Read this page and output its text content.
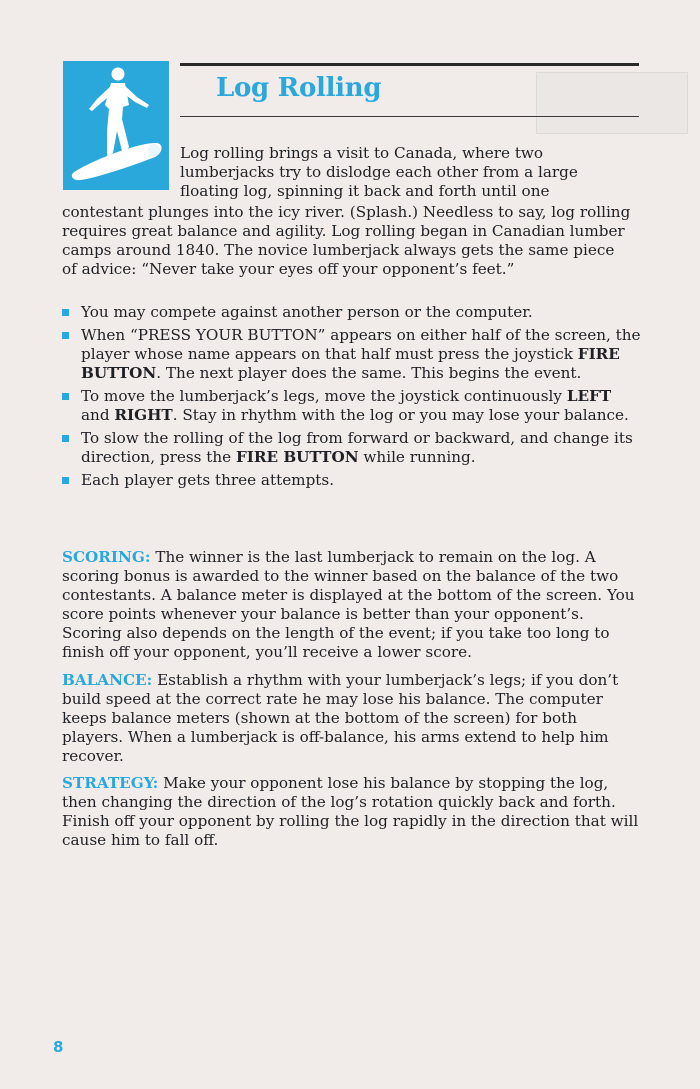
Log Rolling

Log rolling brings a visit to Canada, where two lumberjacks try to dislodge each other from a large floating log, spinning it back and forth until one

contestant plunges into the icy river. (Splash.) Needless to say, log rolling requires great balance and agility. Log rolling began in Canadian lumber camps around 1840. The novice lumberjack always gets the same piece of advice: “Never take your eyes off your opponent’s feet.”

You may compete against another person or the computer.
When “PRESS YOUR BUTTON” appears on either half of the screen, the player whose name appears on that half must press the joystick FIRE BUTTON. The next player does the same. This begins the event.
To move the lumberjack’s legs, move the joystick continuously LEFT and RIGHT. Stay in rhythm with the log or you may lose your balance.
To slow the rolling of the log from forward or backward, and change its direction, press the FIRE BUTTON while running.
Each player gets three attempts.

SCORING: The winner is the last lumberjack to remain on the log. A scoring bonus is awarded to the winner based on the balance of the two contestants. A balance meter is displayed at the bottom of the screen. You score points whenever your balance is better than your opponent’s. Scoring also depends on the length of the event; if you take too long to finish off your opponent, you’ll receive a lower score.

BALANCE: Establish a rhythm with your lumberjack’s legs; if you don’t build speed at the correct rate he may lose his balance. The computer keeps balance meters (shown at the bottom of the screen) for both players. When a lumberjack is off-balance, his arms extend to help him recover.

STRATEGY: Make your opponent lose his balance by stopping the log, then changing the direction of the log’s rotation quickly back and forth. Finish off your opponent by rolling the log rapidly in the direction that will cause him to fall off.

8
